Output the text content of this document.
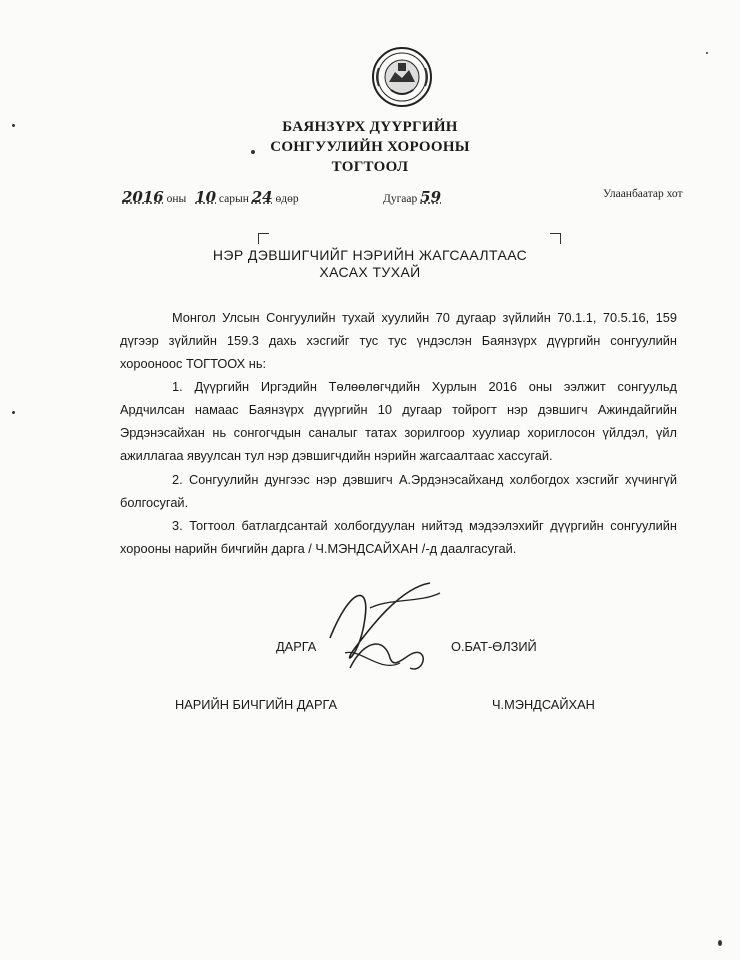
БАЯНЗҮРХ ДҮҮРГИЙН
СОНГУУЛИЙН ХОРООНЫ
ТОГТООЛ
2016 оны 10 сарын 24 өдөр	Дугаар 59	Улаанбаатар хот
НЭР ДЭВШИГЧИЙГ НЭРИЙН ЖАГСААЛТААС
ХАСАХ ТУХАЙ
Монгол Улсын Сонгуулийн тухай хуулийн 70 дугаар зүйлийн 70.1.1, 70.5.16, 159 дүгээр зүйлийн 159.3 дахь хэсгийг тус тус үндэслэн Баянзүрх дүүргийн сонгуулийн хорооноос ТОГТООХ нь:
1. Дүүргийн Иргэдийн Төлөөлөгчдийн Хурлын 2016 оны ээлжит сонгуульд Ардчилсан намаас Баянзүрх дүүргийн 10 дугаар тойрогт нэр дэвшигч Ажиндайгийн Эрдэнэсайхан нь сонгогчдын саналыг татах зорилгоор хуулиар хориглосон үйлдэл, үйл ажиллагаа явуулсан тул нэр дэвшигчдийн нэрийн жагсаалтаас хассугай.
2. Сонгуулийн дунгээс нэр дэвшигч А.Эрдэнэсайханд холбогдох хэсгийг хүчингүй болгосугай.
3. Тогтоол батлагдсантай холбогдуулан нийтэд мэдээлэхийг дүүргийн сонгуулийн хорооны нарийн бичгийн дарга / Ч.МЭНДСАЙХАН /-д даалгасугай.
ДАРГА	О.БАТ-ӨЛЗИЙ
НАРИЙН БИЧГИЙН ДАРГА	Ч.МЭНДСАЙХАН
